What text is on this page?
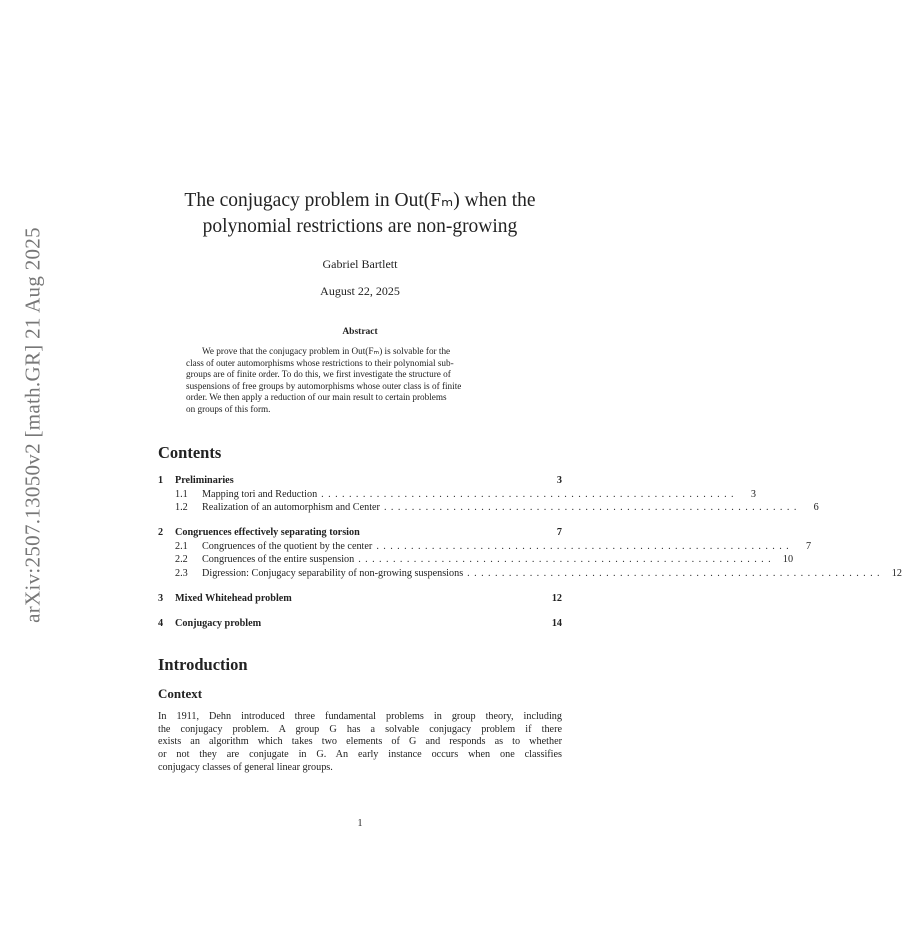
arXiv:2507.13050v2 [math.GR] 21 Aug 2025
The conjugacy problem in Out(Fₘ) when the
polynomial restrictions are non-growing
Gabriel Bartlett
August 22, 2025
Abstract
We prove that the conjugacy problem in Out(Fₘ) is solvable for the
class of outer automorphisms whose restrictions to their polynomial sub-
groups are of finite order. To do this, we first investigate the structure of
suspensions of free groups by automorphisms whose outer class is of finite
order. We then apply a reduction of our main result to certain problems
on groups of this form.
Contents
1	Preliminaries	3
1.1	Mapping tori and Reduction ............................................................	3
1.2	Realization of an automorphism and Center ............................................................	6
2	Congruences effectively separating torsion	7
2.1	Congruences of the quotient by the center ............................................................	7
2.2	Congruences of the entire suspension ............................................................ 10
2.3	Digression: Conjugacy separability of non-growing suspensions ............................................................ 12
3	Mixed Whitehead problem	12
4	Conjugacy problem	14
Introduction
Context
In 1911, Dehn introduced three fundamental problems in group theory, including
the conjugacy problem. A group G has a solvable conjugacy problem if there
exists an algorithm which takes two elements of G and responds as to whether
or not they are conjugate in G. An early instance occurs when one classifies
conjugacy classes of general linear groups.
1
